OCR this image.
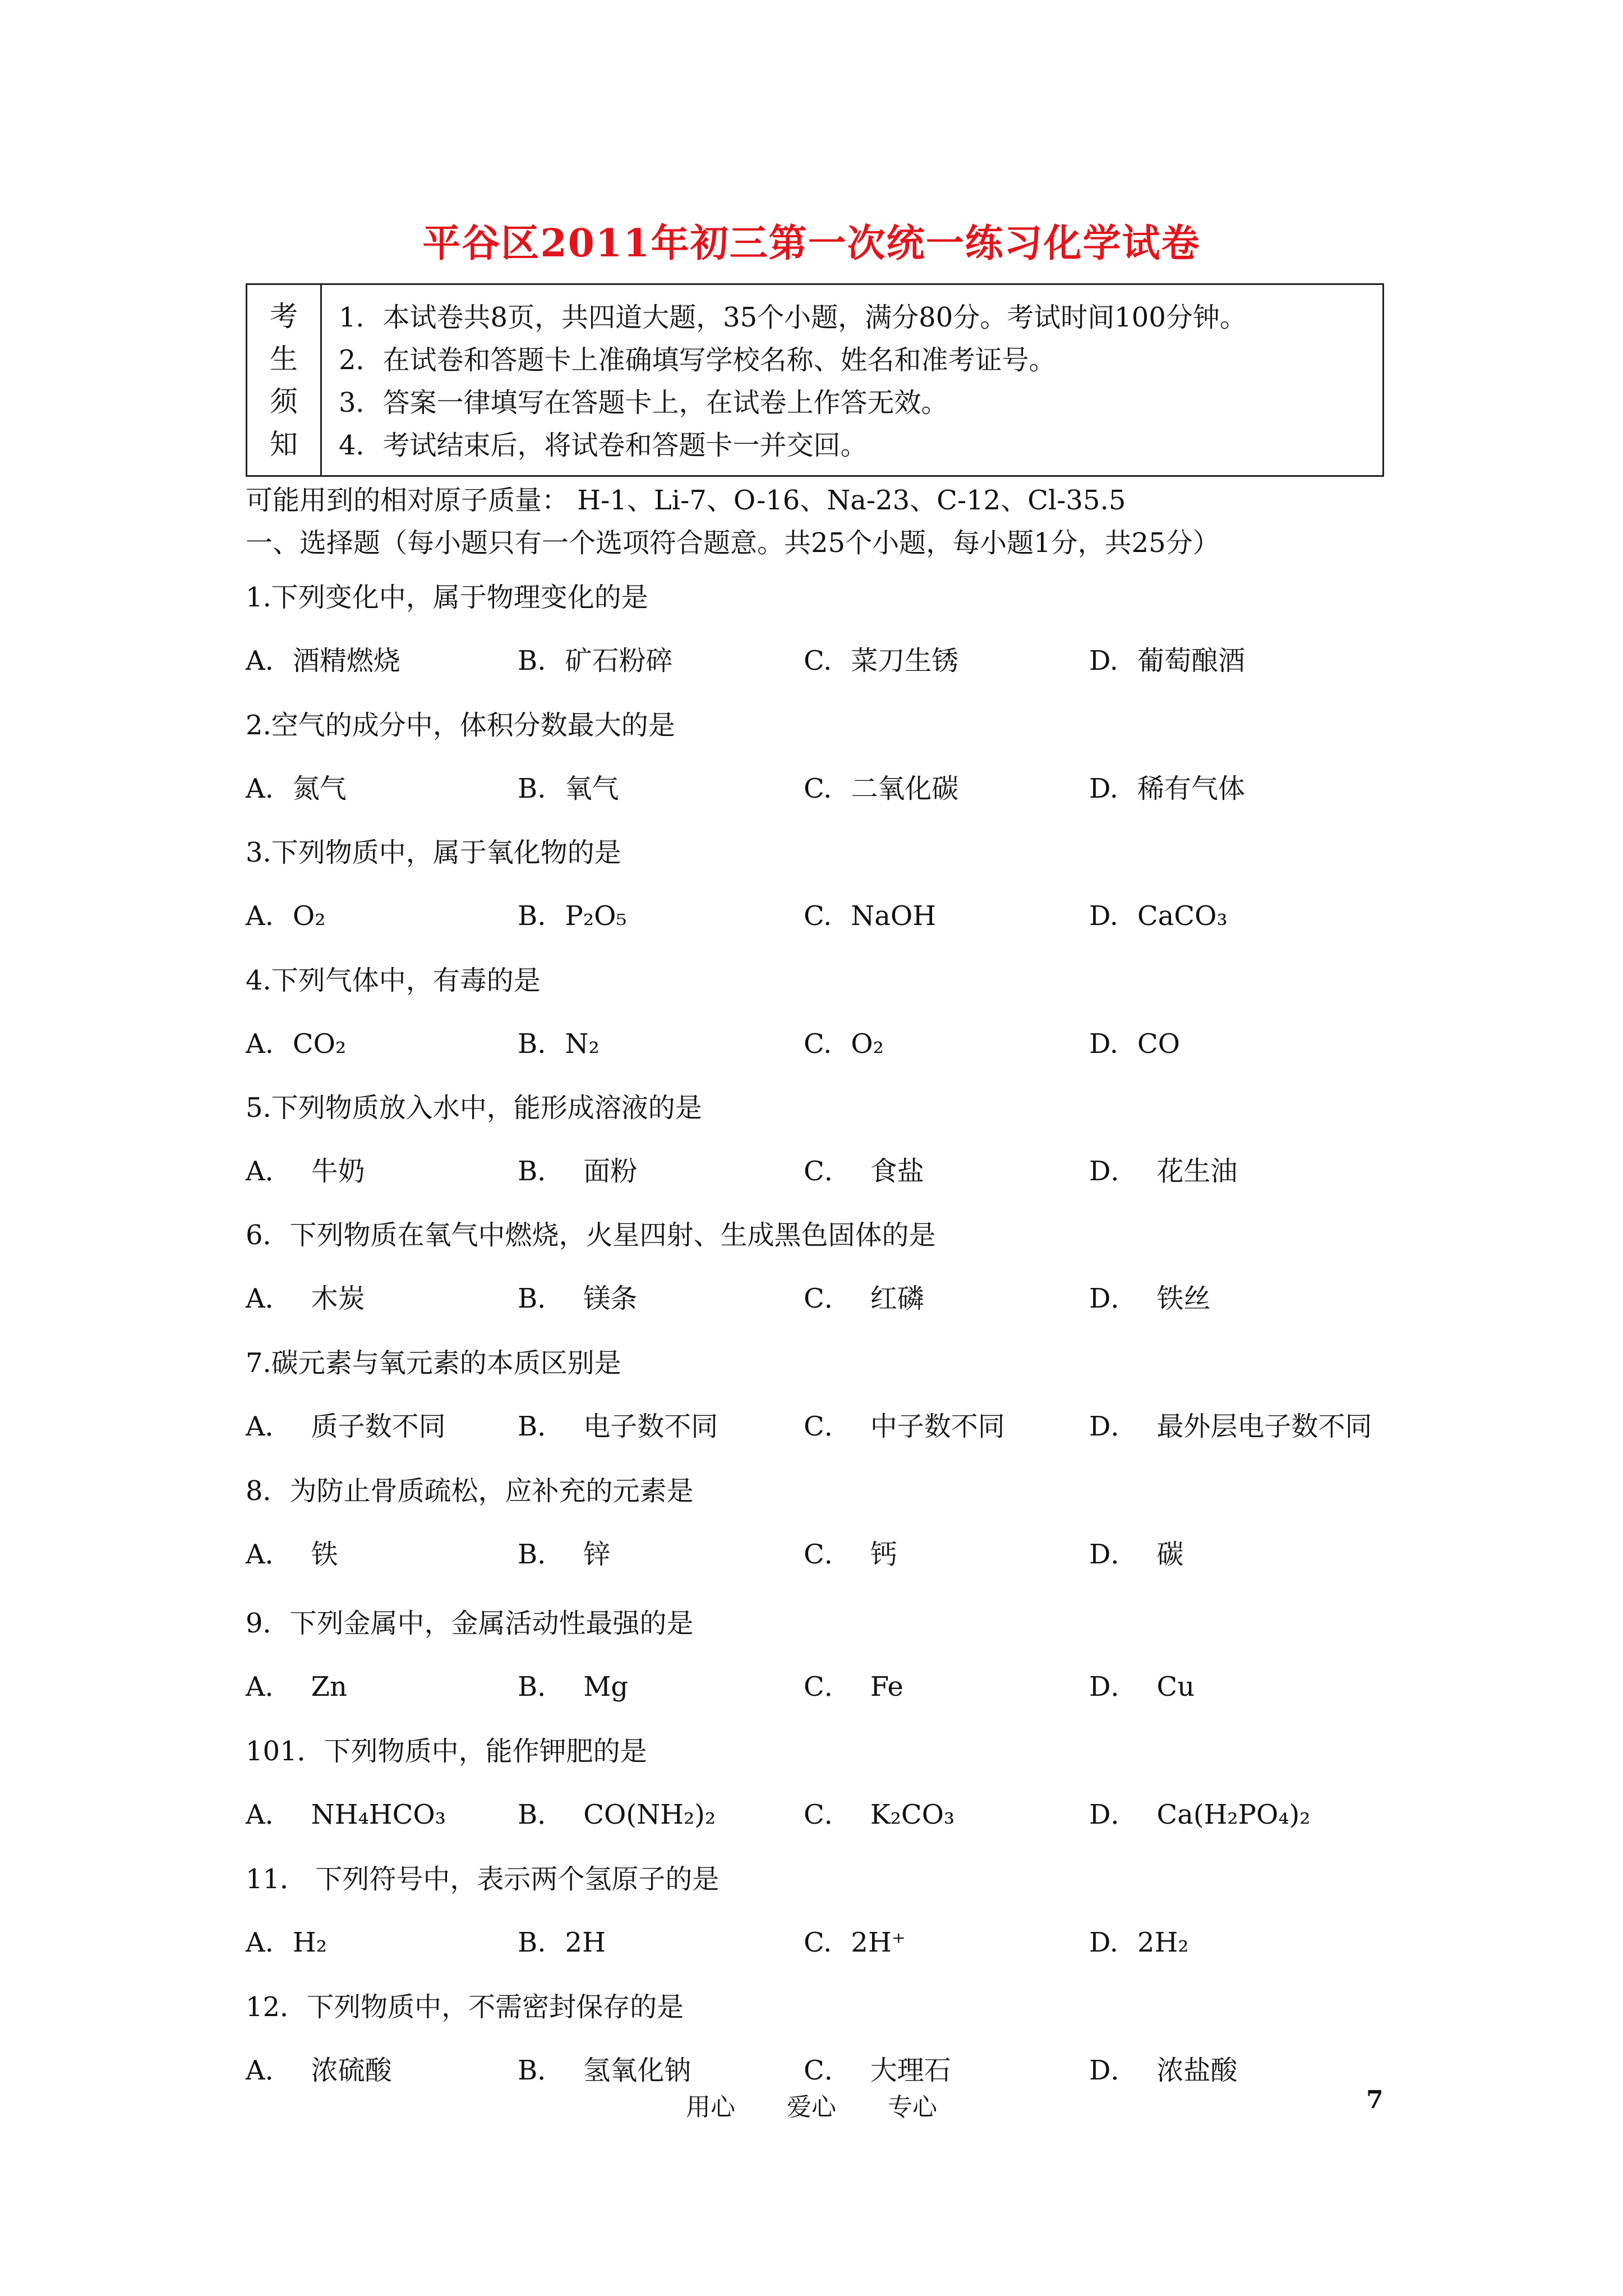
平谷区2011年初三第一次统一练习化学试卷
考
生
须
知
1．本试卷共8页，共四道大题，35个小题，满分80分。考试时间100分钟。
2．在试卷和答题卡上准确填写学校名称、姓名和准考证号。
3．答案一律填写在答题卡上，在试卷上作答无效。
4．考试结束后，将试卷和答题卡一并交回。
可能用到的相对原子质量： H-1、Li-7、O-16、Na-23、C-12、Cl-35.5
一、选择题（每小题只有一个选项符合题意。共25个小题，每小题1分，共25分）
1.下列变化中，属于物理变化的是
A. 酒精燃烧	B. 矿石粉碎	C. 菜刀生锈	D. 葡萄酿酒
2.空气的成分中，体积分数最大的是
A. 氮气	B. 氧气	C. 二氧化碳	D. 稀有气体
3.下列物质中，属于氧化物的是
A. O₂	B. P₂O₅	C. NaOH	D. CaCO₃
4.下列气体中，有毒的是
A. CO₂	B. N₂	C. O₂	D. CO
5.下列物质放入水中，能形成溶液的是
A． 牛奶	B． 面粉	C． 食盐	D． 花生油
6．下列物质在氧气中燃烧，火星四射、生成黑色固体的是
A． 木炭	B． 镁条	C． 红磷	D． 铁丝
7.碳元素与氧元素的本质区别是
A． 质子数不同	B． 电子数不同	C． 中子数不同	D． 最外层电子数不同
8．为防止骨质疏松，应补充的元素是
A． 铁	B． 锌	C． 钙	D． 碳
9．下列金属中，金属活动性最强的是
A． Zn	B． Mg	C． Fe	D． Cu
101．下列物质中，能作钾肥的是
A． NH₄HCO₃	B． CO(NH₂)₂	C． K₂CO₃	D． Ca(H₂PO₄)₂
11． 下列符号中，表示两个氢原子的是
A. H₂	B. 2H	C. 2H⁺	D. 2H₂
12．下列物质中，不需密封保存的是
A． 浓硫酸	B． 氢氧化钠	C． 大理石	D． 浓盐酸
用心 爱心 专心	7
